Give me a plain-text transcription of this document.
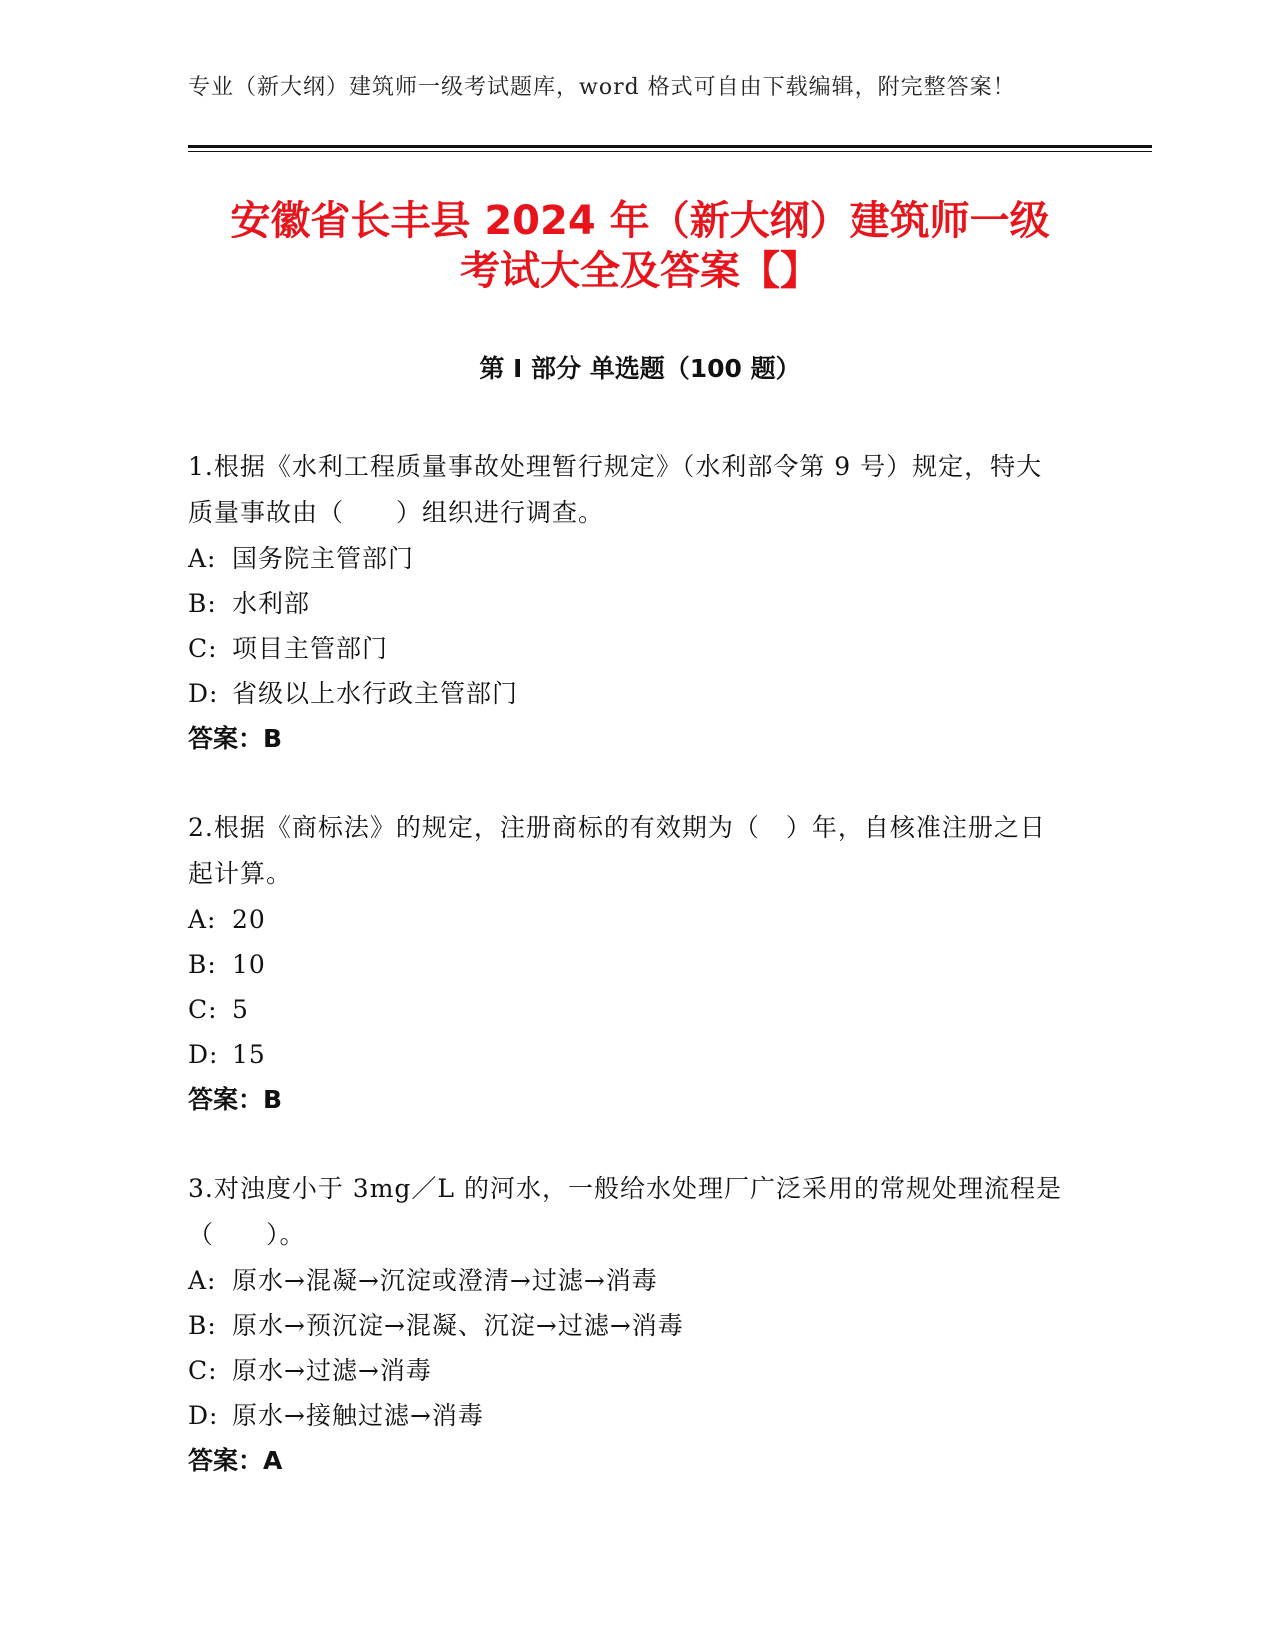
专业（新大纲）建筑师一级考试题库，word 格式可自由下载编辑，附完整答案！
安徽省长丰县 2024 年（新大纲）建筑师一级
考试大全及答案【】
第 I 部分 单选题（100 题）

1.根据《水利工程质量事故处理暂行规定》（水利部令第 9 号）规定，特大质量事故由（　　）组织进行调查。

A: 国务院主管部门
B: 水利部
C: 项目主管部门
D: 省级以上水行政主管部门
答案：B

2.根据《商标法》的规定，注册商标的有效期为（　）年，自核准注册之日起计算。

A: 20
B: 10
C: 5
D: 15
答案：B

3.对浊度小于 3mg／L 的河水，一般给水处理厂广泛采用的常规处理流程是（　　）。

A: 原水→混凝→沉淀或澄清→过滤→消毒
B: 原水→预沉淀→混凝、沉淀→过滤→消毒
C: 原水→过滤→消毒
D: 原水→接触过滤→消毒
答案：A
